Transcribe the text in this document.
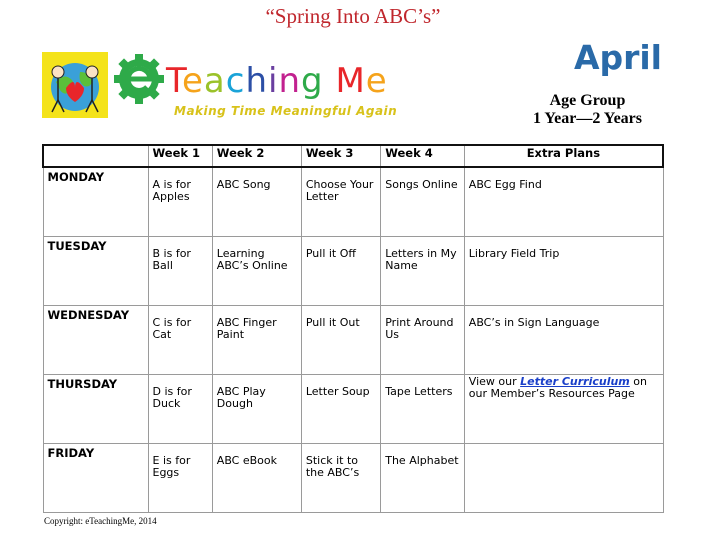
“Spring Into ABC’s”
Teaching Me
Making Time Meaningful Again
April
Age Group
1 Year—2 Years
	Week 1	Week 2	Week 3	Week 4	Extra Plans
MONDAY	A is for Apples	ABC Song	Choose Your Letter	Songs Online	ABC Egg Find

TUESDAY	B is for Ball	Learning ABC’s Online	Pull it Off	Letters in My Name	Library Field Trip

WEDNESDAY	C is for Cat	ABC Finger Paint	Pull it Out	Print Around Us	ABC’s in Sign Language

THURSDAY	D is for Duck	ABC Play Dough	Letter Soup	Tape Letters	View our Letter Curriculum on our Member’s Resources Page

FRIDAY	E is for Eggs	ABC eBook	Stick it to the ABC’s	The Alphabet	

Copyright: eTeachingMe, 2014
